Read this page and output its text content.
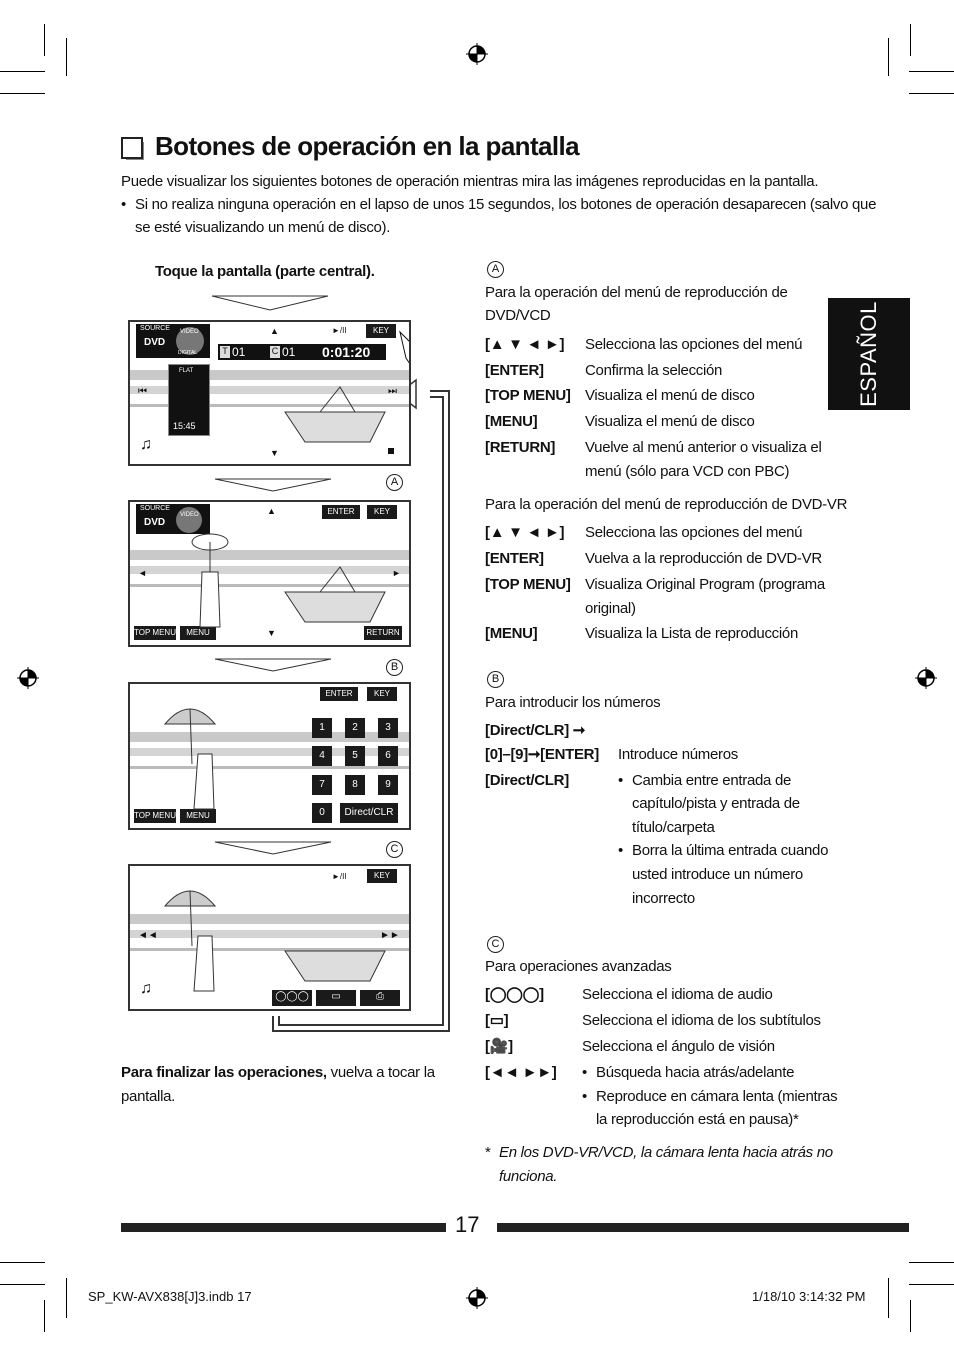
Botones de operación en la pantalla
ESPAÑOL
Puede visualizar los siguientes botones de operación mientras mira las imágenes reproducidas en la pantalla.
• Si no realiza ninguna operación en el lapso de unos 15 segundos, los botones de operación desaparecen (salvo que
se esté visualizando un menú de disco).
Toque la pantalla (parte central).
A
B
C
SOURCE
DVD
VIDEO
DIGITAL	T 01	C 01 0:01:20
FLAT
15:45
▲	►/II	KEY
⏮	⏭
▼
♫
SOURCE
DVD
VIDEO	▲	ENTER	KEY
◄	►
TOP MENU	MENU	▼	RETURN
ENTER	KEY
1	2	3
4	5	6
7	8	9
0	Direct/CLR
TOP MENU	MENU
►/II	KEY
◄◄	►►
♫	◯◯◯	▭	⎙
Para finalizar las operaciones, vuelva a tocar la
pantalla.
A
Para la operación del menú de reproducción de
DVD/VCD
[▲ ▼ ◄ ►] Selecciona las opciones del menú
[ENTER]	Confirma la selección
[TOP MENU] Visualiza el menú de disco
[MENU]	Visualiza el menú de disco
[RETURN] Vuelve al menú anterior o visualiza el
menú (sólo para VCD con PBC)
Para la operación del menú de reproducción de DVD-VR
[▲ ▼ ◄ ►] Selecciona las opciones del menú
[ENTER]	Vuelva a la reproducción de DVD-VR
[TOP MENU] Visualiza Original Program (programa
original)
[MENU]	Visualiza la Lista de reproducción
B
Para introducir los números
[Direct/CLR] ➞
[0]–[9]➞[ENTER] Introduce números
[Direct/CLR]	• Cambia entre entrada de
capítulo/pista y entrada de
título/carpeta
• Borra la última entrada cuando
usted introduce un número
incorrecto
C
Para operaciones avanzadas
[◯◯◯]	Selecciona el idioma de audio
[▭]	Selecciona el idioma de los subtítulos
[🎥]	Selecciona el ángulo de visión
[◄◄ ►►] • Búsqueda hacia atrás/adelante
• Reproduce en cámara lenta (mientras
la reproducción está en pausa)*
* En los DVD-VR/VCD, la cámara lenta hacia atrás no
funciona.
17
SP_KW-AVX838[J]3.indb 17	1/18/10 3:14:32 PM
